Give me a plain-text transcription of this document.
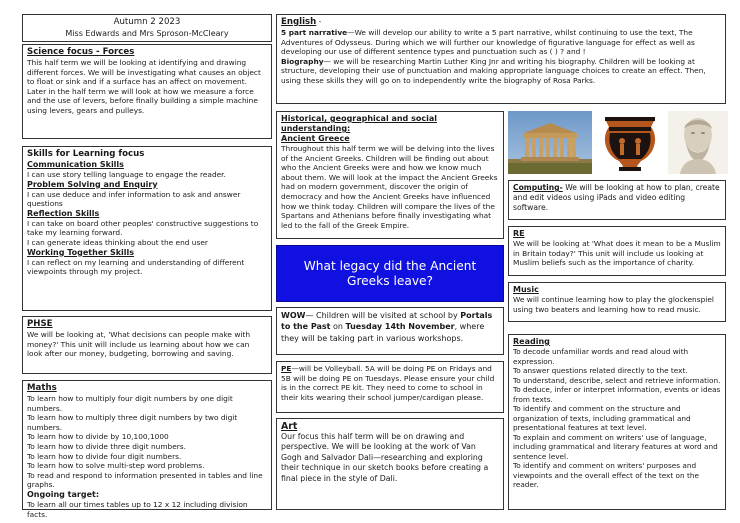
Autumn 2 2023
Miss Edwards and Mrs Sproson-McCleary
Science focus - Forces

This half term we will be looking at identifying and drawing different forces. We will be investigating what causes an object to float or sink and if a surface has an affect on movement. Later in the half term we will look at how we measure a force and the use of levers, before finally building a simple machine using levers, gears and pulleys.

Skills for Learning focus
Communication Skills

I can use story telling language to engage the reader.

Problem Solving and Enquiry

I can use deduce and infer information to ask and answer questions

Reflection Skills

I can take on board other peoples' constructive suggestions to take my learning forward.

I can generate ideas thinking about the end user

Working Together Skills

I can reflect on my learning and understanding of different viewpoints through my project.

PHSE

We will be looking at, 'What decisions can people make with money?' This unit will include us learning about how we can look after our money, budgeting, borrowing and saving.

Maths

To learn how to multiply four digit numbers by one digit numbers.

To learn how to multiply three digit numbers by two digit numbers.

To learn how to divide by 10,100,1000

To learn how to divide three digit numbers.

To learn how to divide four digit numbers.

To learn how to solve multi-step word problems.

To read and respond to information presented in tables and line graphs.

Ongoing target:

To learn all our times tables up to 12 x 12 including division facts.

English -

5 part narrative—We will develop our ability to write a 5 part narrative, whilst continuing to use the text, The Adventures of Odysseus. During which we will further our knowledge of figurative language for effect as well as developing our use of different sentence types and punctuation such as ( ) ? and !

Biography— we will be researching Martin Luther King Jnr and writing his biography. Children will be looking at structure, developing their use of punctuation and making appropriate language choices to create an effect. Then, using these skills they will go on to independently write the biography of Rosa Parks.

Historical, geographical and social understanding:
Ancient Greece

Throughout this half term we will be delving into the lives of the Ancient Greeks. Children will be finding out about who the Ancient Greeks were and how we know much about them. We will look at the impact the Ancient Greeks had on modern government, discover the origin of democracy and how the Ancient Greeks have influenced how we think today. Children will compare the lives of the Spartans and Athenians before finally investigating what led to the fall of the Greek Empire.

What legacy did the Ancient Greeks leave?
WOW— Children will be visited at school by Portals to the Past on Tuesday 14th November, where they will be taking part in various workshops.

PE—will be Volleyball. 5A will be doing PE on Fridays and 5B will be doing PE on Tuesdays. Please ensure your child is in the correct PE kit. They need to come to school in their kits wearing their school jumper/cardigan please.

Art

Our focus this half term will be on drawing and perspective. We will be looking at the work of Van Gogh and Salvador Dali—researching and exploring their technique in our sketch books before creating a final piece in the style of Dali.

Computing- We will be looking at how to plan, create and edit videos using iPads and video editing software.

RE

We will be looking at 'What does it mean to be a Muslim in Britain today?' This unit will include us looking at Muslim beliefs such as the importance of charity.

Music

We will continue learning how to play the glockenspiel using two beaters and learning how to read music.

Reading

To decode unfamiliar words and read aloud with expression.

To answer questions related directly to the text.

To understand, describe, select and retrieve information.

To deduce, infer or interpret information, events or ideas from texts.

To identify and comment on the structure and organization of texts, including grammatical and presentational features at text level.

To explain and comment on writers' use of language, including grammatical and literary features at word and sentence level.

To identify and comment on writers' purposes and viewpoints and the overall effect of the text on the reader.
